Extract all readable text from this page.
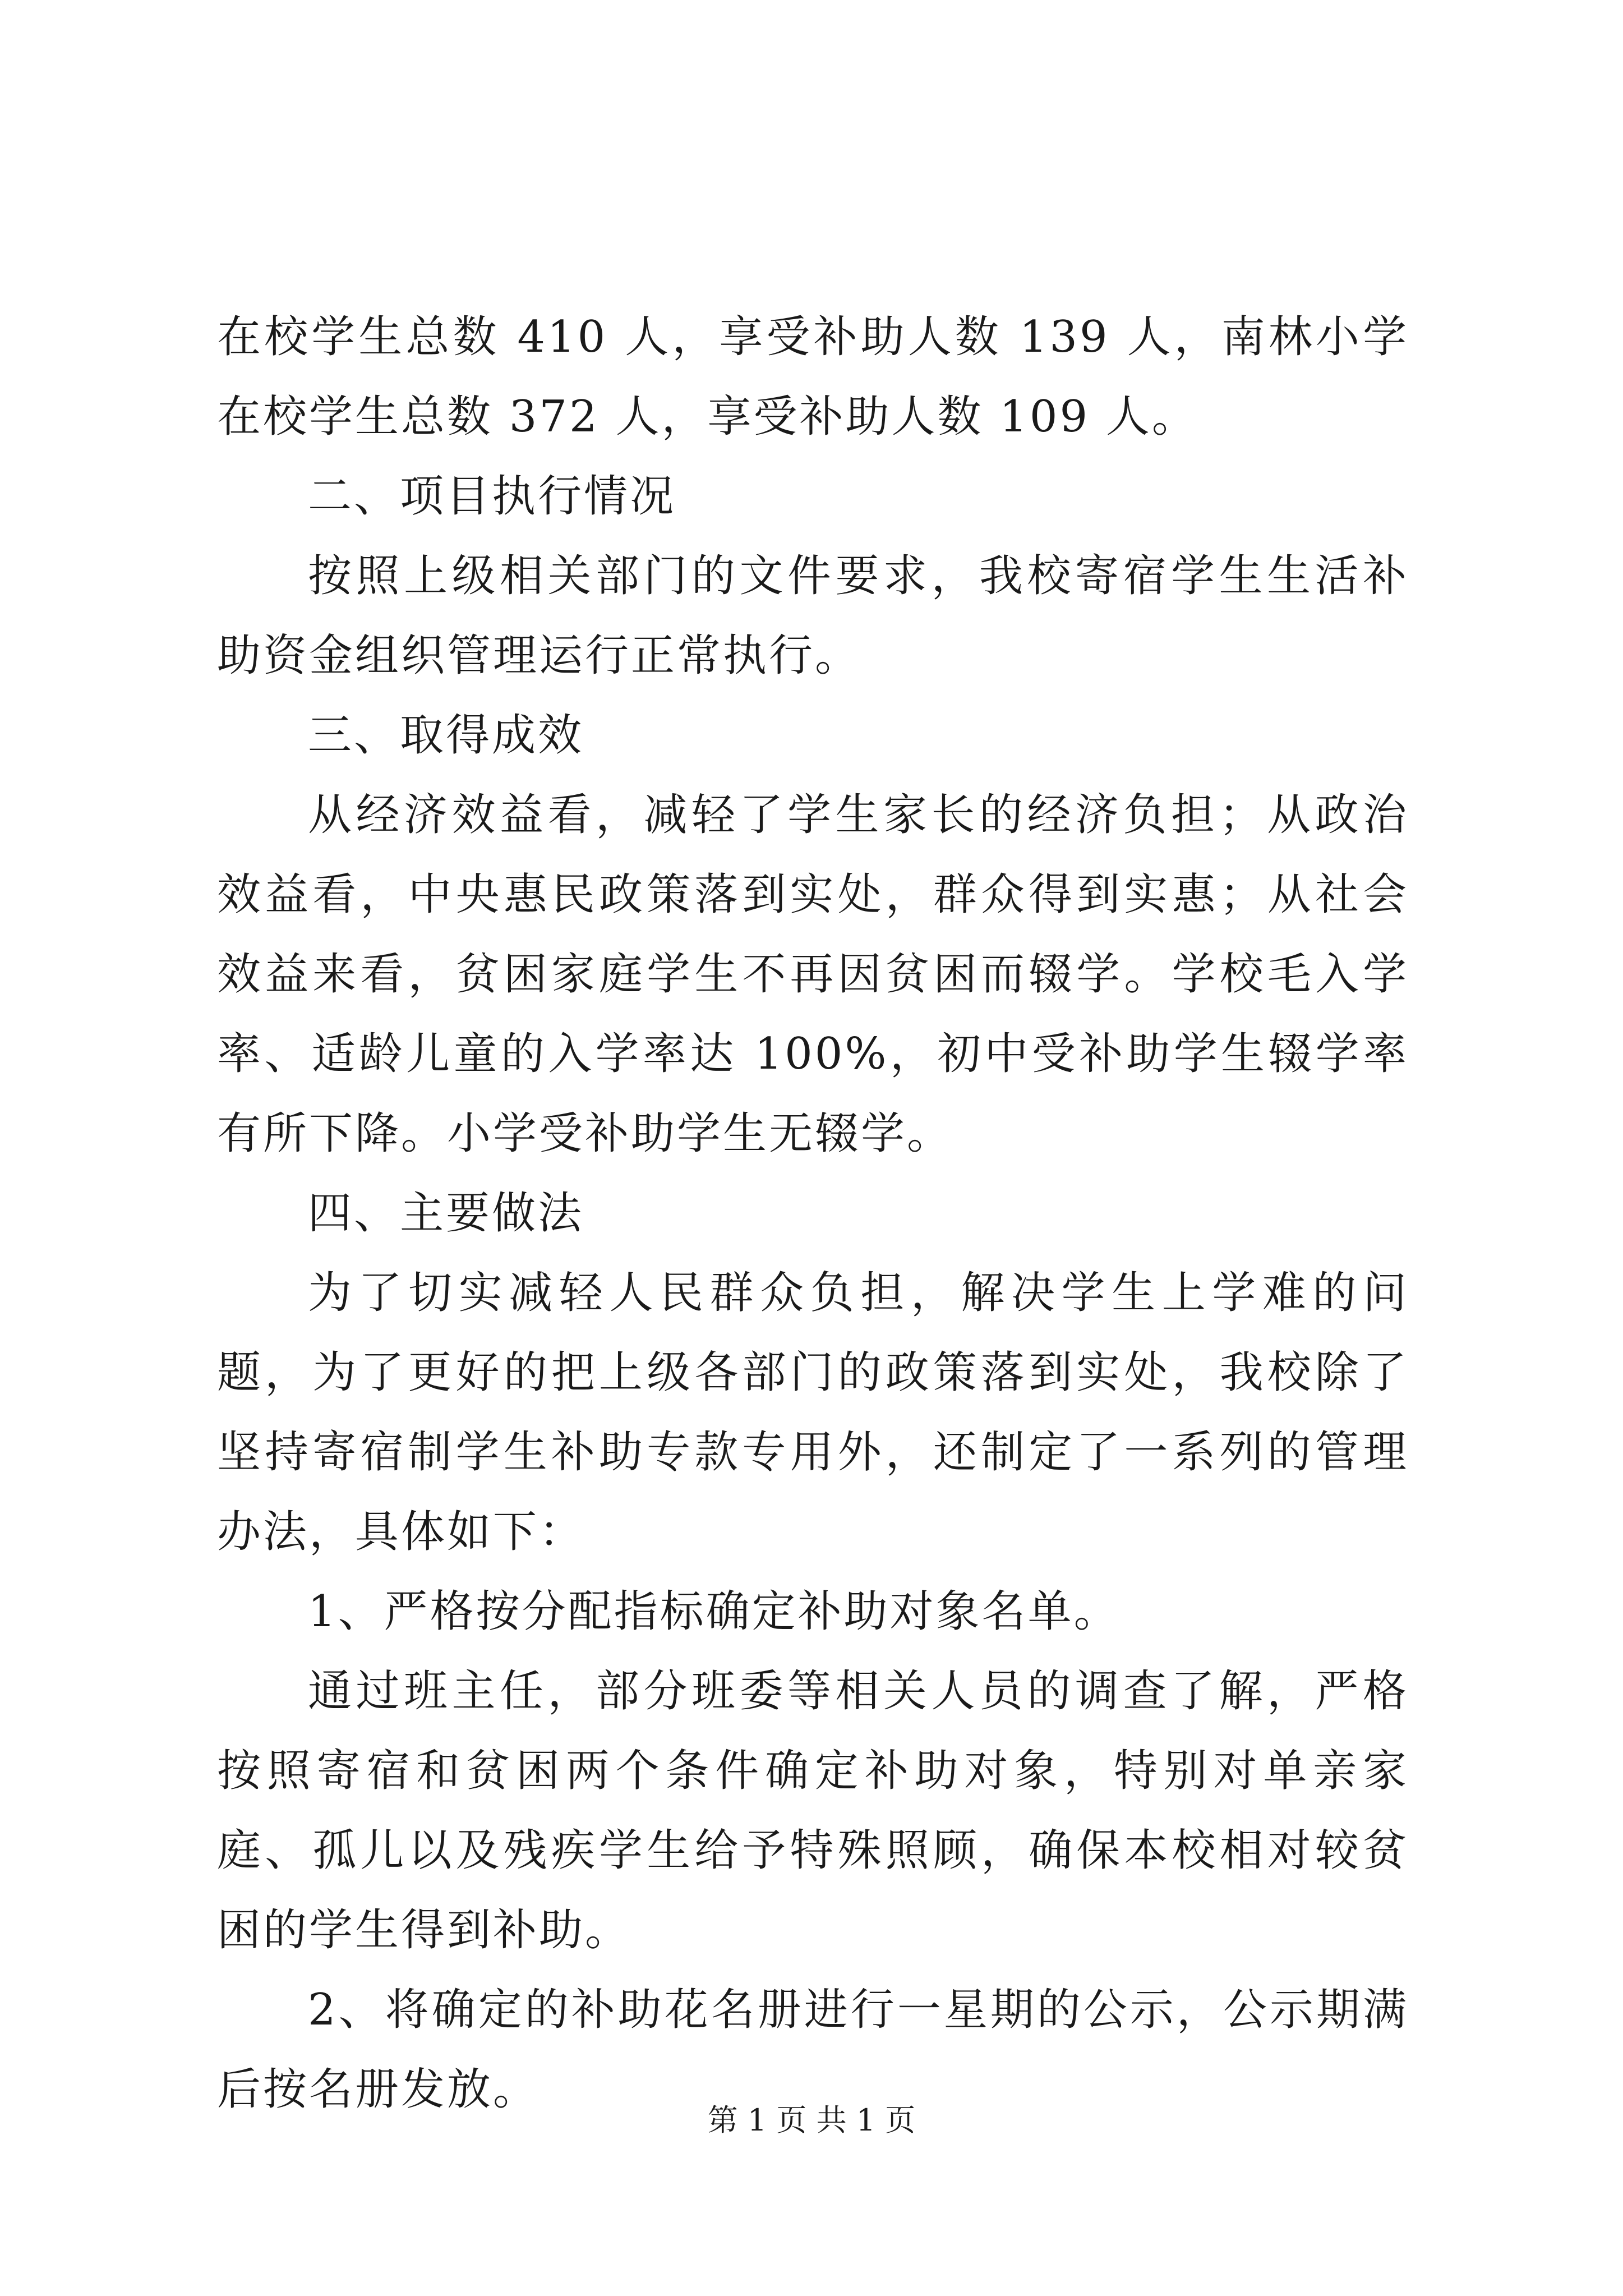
在校学生总数 410 人，享受补助人数 139 人，南林小学在校学生总数 372 人，享受补助人数 109 人。

二、项目执行情况

按照上级相关部门的文件要求，我校寄宿学生生活补助资金组织管理运行正常执行。

三、取得成效

从经济效益看，减轻了学生家长的经济负担；从政治效益看，中央惠民政策落到实处，群众得到实惠；从社会效益来看，贫困家庭学生不再因贫困而辍学。学校毛入学率、适龄儿童的入学率达 100%，初中受补助学生辍学率有所下降。小学受补助学生无辍学。

四、主要做法

为了切实减轻人民群众负担，解决学生上学难的问题，为了更好的把上级各部门的政策落到实处，我校除了坚持寄宿制学生补助专款专用外，还制定了一系列的管理办法，具体如下：

1、严格按分配指标确定补助对象名单。

通过班主任，部分班委等相关人员的调查了解，严格按照寄宿和贫困两个条件确定补助对象，特别对单亲家庭、孤儿以及残疾学生给予特殊照顾，确保本校相对较贫困的学生得到补助。

2、将确定的补助花名册进行一星期的公示，公示期满后按名册发放。

第 1 页 共 1 页
